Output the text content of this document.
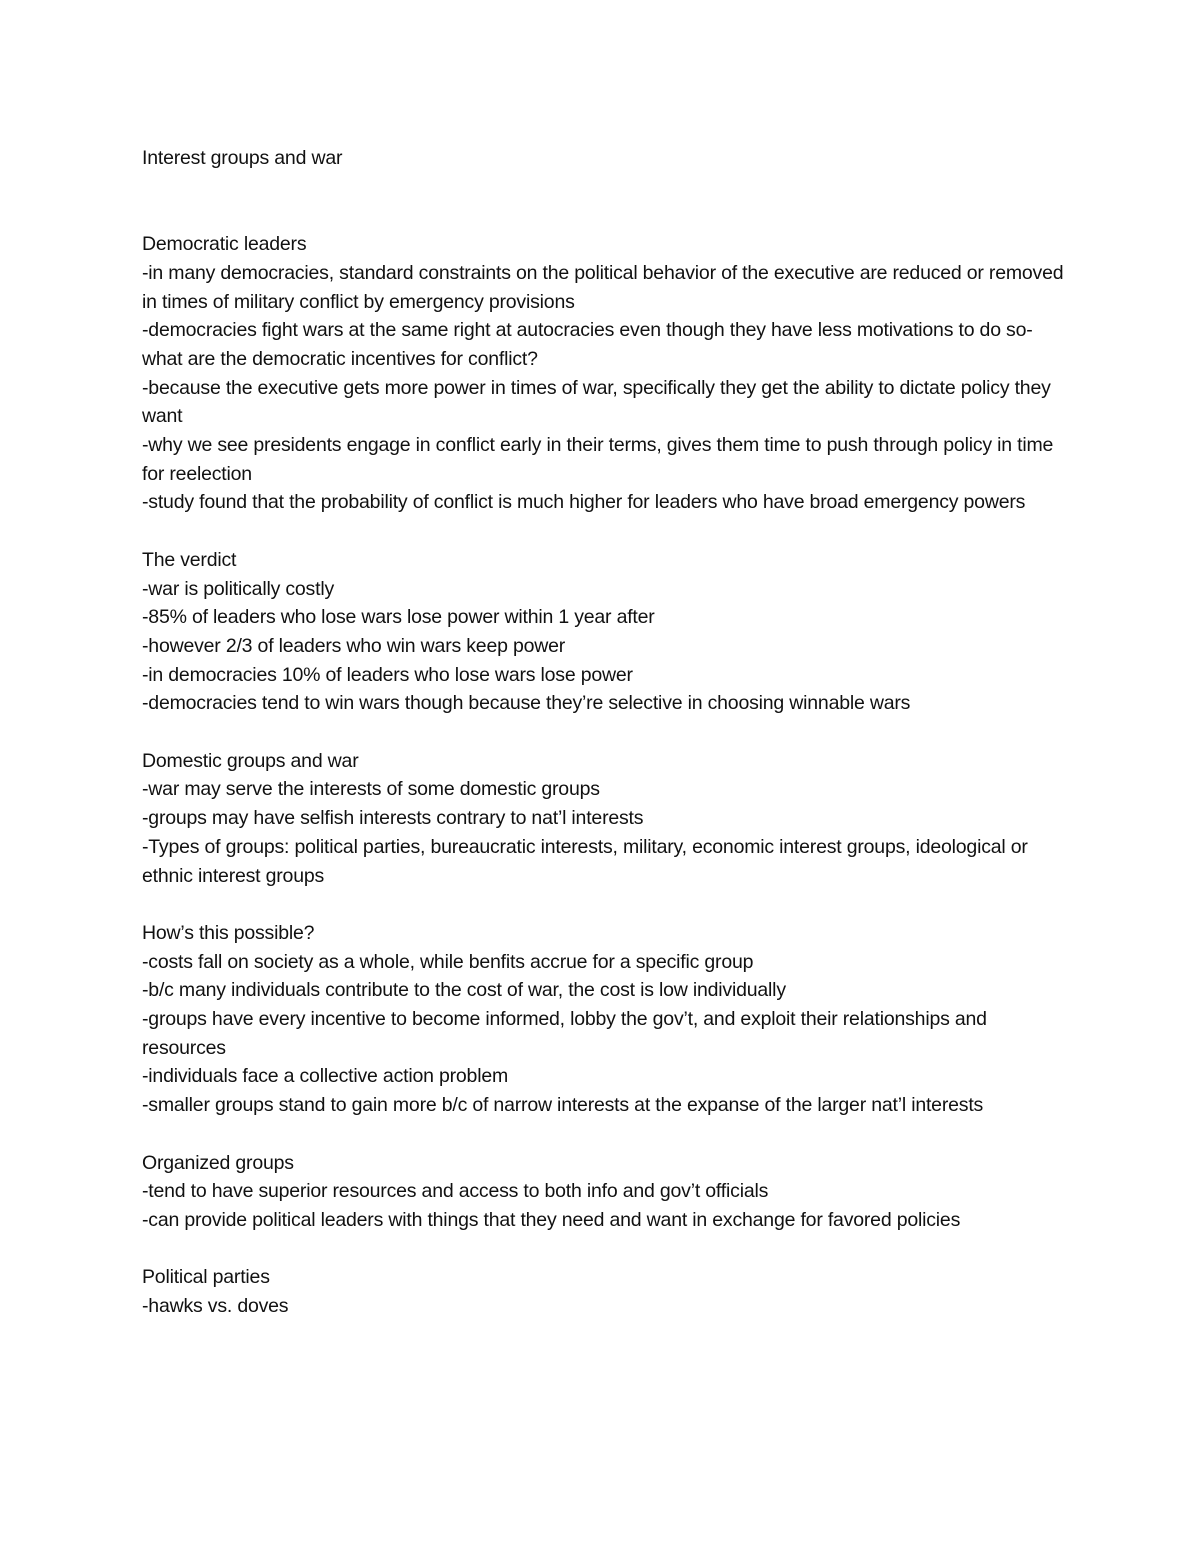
Interest groups and war
Democratic leaders
-in many democracies, standard constraints on the political behavior of the executive are reduced or removed in times of military conflict by emergency provisions
-democracies fight wars at the same right at autocracies even though they have less motivations to do so- what are the democratic incentives for conflict?
-because the executive gets more power in times of war, specifically they get the ability to dictate policy they want
-why we see presidents engage in conflict early in their terms, gives them time to push through policy in time for reelection
-study found that the probability of conflict is much higher for leaders who have broad emergency powers
The verdict
-war is politically costly
-85% of leaders who lose wars lose power within 1 year after
-however 2/3 of leaders who win wars keep power
-in democracies 10% of leaders who lose wars lose power
-democracies tend to win wars though because they’re selective in choosing winnable wars
Domestic groups and war
-war may serve the interests of some domestic groups
-groups may have selfish interests contrary to nat’l interests
-Types of groups: political parties, bureaucratic interests, military, economic interest groups, ideological or ethnic interest groups
How’s this possible?
-costs fall on society as a whole, while benfits accrue for a specific group
-b/c many individuals contribute to the cost of war, the cost is low individually
-groups have every incentive to become informed, lobby the gov’t, and exploit their relationships and resources
-individuals face a collective action problem
-smaller groups stand to gain more b/c of narrow interests at the expanse of the larger nat’l interests
Organized groups
-tend to have superior resources and access to both info and gov’t officials
-can provide political leaders with things that they need and want in exchange for favored policies
Political parties
-hawks vs. doves
